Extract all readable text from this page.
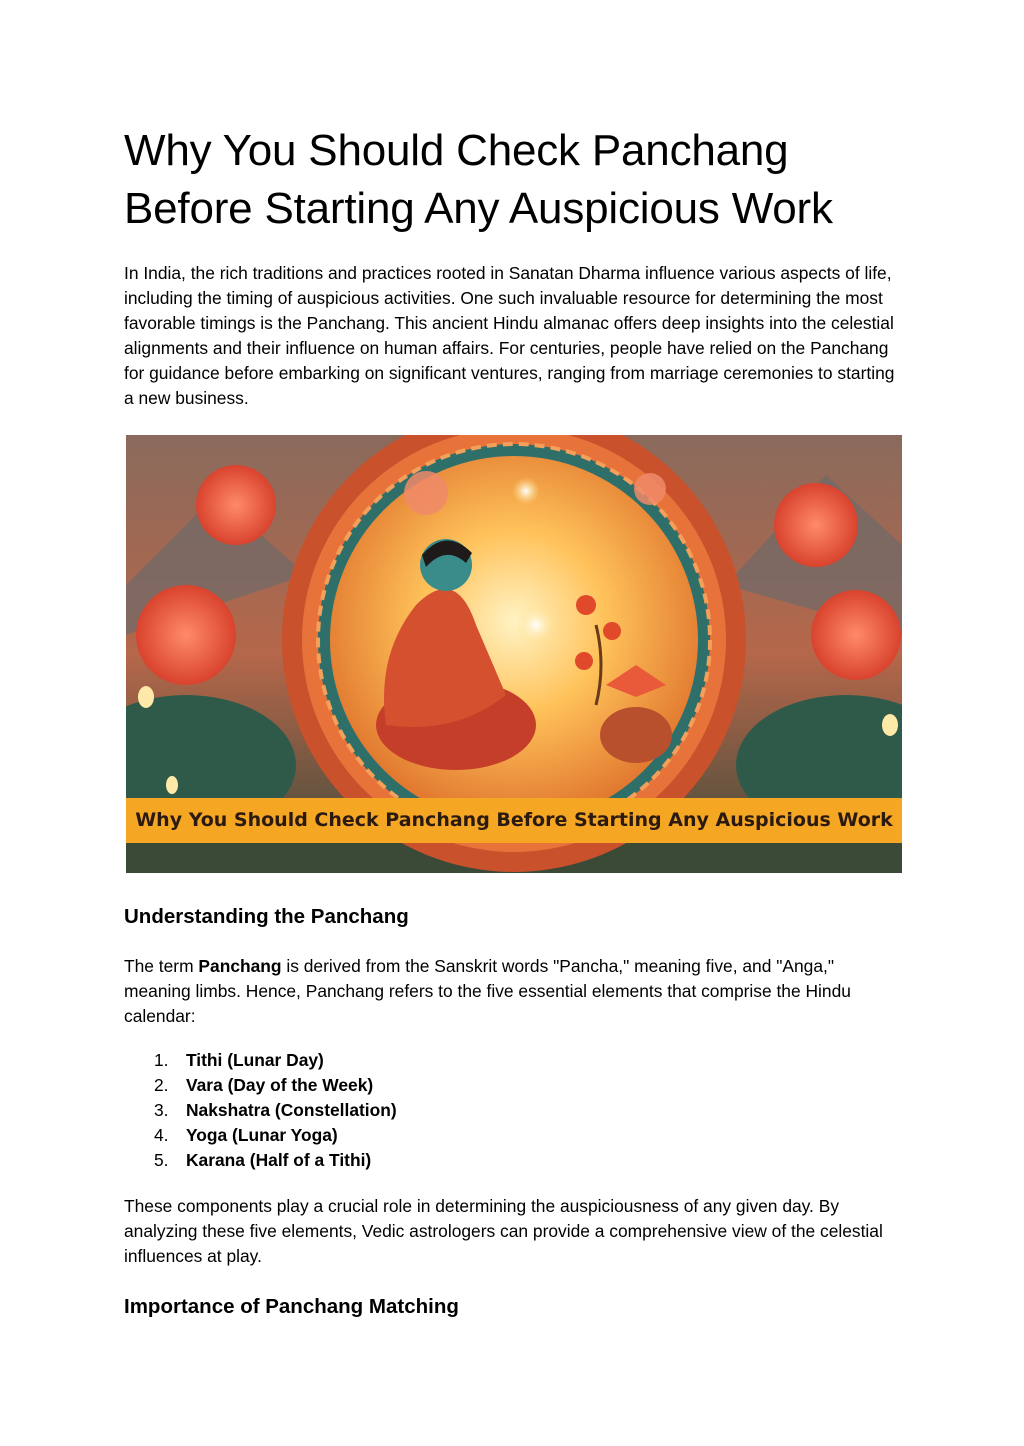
Why You Should Check Panchang Before Starting Any Auspicious Work

In India, the rich traditions and practices rooted in Sanatan Dharma influence various aspects of life, including the timing of auspicious activities. One such invaluable resource for determining the most favorable timings is the Panchang. This ancient Hindu almanac offers deep insights into the celestial alignments and their influence on human affairs. For centuries, people have relied on the Panchang for guidance before embarking on significant ventures, ranging from marriage ceremonies to starting a new business.

Why You Should Check Panchang Before Starting Any Auspicious Work
Understanding the Panchang

The term Panchang is derived from the Sanskrit words "Pancha," meaning five, and "Anga," meaning limbs. Hence, Panchang refers to the five essential elements that comprise the Hindu calendar:

1. Tithi (Lunar Day)
2. Vara (Day of the Week)
3. Nakshatra (Constellation)
4. Yoga (Lunar Yoga)
5. Karana (Half of a Tithi)

These components play a crucial role in determining the auspiciousness of any given day. By analyzing these five elements, Vedic astrologers can provide a comprehensive view of the celestial influences at play.

Importance of Panchang Matching
